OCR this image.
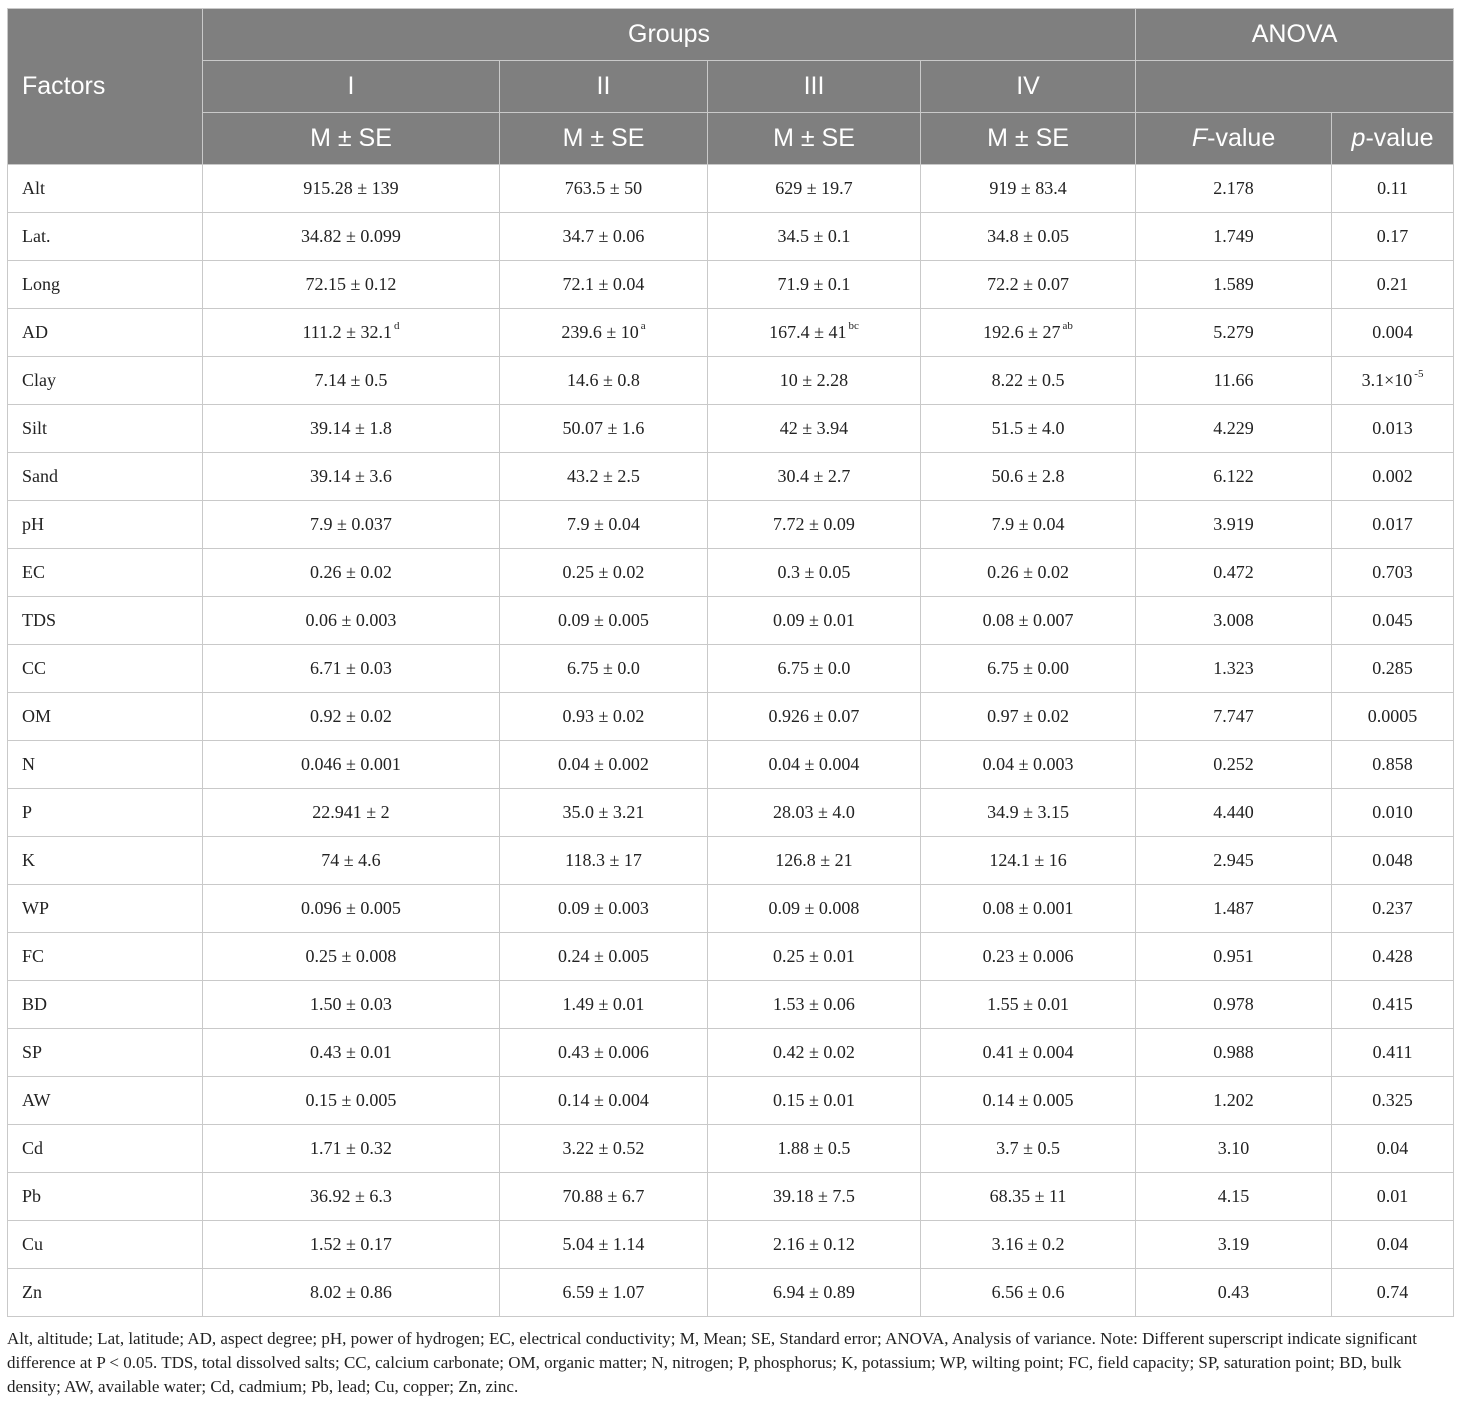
Factors	Groups				ANOVA	
	I	II	III	IV		
	M ± SE	M ± SE	M ± SE	M ± SE	F-value	p-value
Alt	915.28 ± 139	763.5 ± 50	629 ± 19.7	919 ± 83.4	2.178	0.11
Lat.	34.82 ± 0.099	34.7 ± 0.06	34.5 ± 0.1	34.8 ± 0.05	1.749	0.17
Long	72.15 ± 0.12	72.1 ± 0.04	71.9 ± 0.1	72.2 ± 0.07	1.589	0.21
AD	111.2 ± 32.1 $^d$	239.6 ± 10 $^a$	167.4 ± 41 $^{bc}$	192.6 ± 27 $^{ab}$	5.279	0.004
Clay	7.14 ± 0.5	14.6 ± 0.8	10 ± 2.28	8.22 ± 0.5	11.66	3.1×10 $^{-5}$
Silt	39.14 ± 1.8	50.07 ± 1.6	42 ± 3.94	51.5 ± 4.0	4.229	0.013
Sand	39.14 ± 3.6	43.2 ± 2.5	30.4 ± 2.7	50.6 ± 2.8	6.122	0.002
pH	7.9 ± 0.037	7.9 ± 0.04	7.72 ± 0.09	7.9 ± 0.04	3.919	0.017
EC	0.26 ± 0.02	0.25 ± 0.02	0.3 ± 0.05	0.26 ± 0.02	0.472	0.703
TDS	0.06 ± 0.003	0.09 ± 0.005	0.09 ± 0.01	0.08 ± 0.007	3.008	0.045
CC	6.71 ± 0.03	6.75 ± 0.0	6.75 ± 0.0	6.75 ± 0.00	1.323	0.285
OM	0.92 ± 0.02	0.93 ± 0.02	0.926 ± 0.07	0.97 ± 0.02	7.747	0.0005
N	0.046 ± 0.001	0.04 ± 0.002	0.04 ± 0.004	0.04 ± 0.003	0.252	0.858
P	22.941 ± 2	35.0 ± 3.21	28.03 ± 4.0	34.9 ± 3.15	4.440	0.010
K	74 ± 4.6	118.3 ± 17	126.8 ± 21	124.1 ± 16	2.945	0.048
WP	0.096 ± 0.005	0.09 ± 0.003	0.09 ± 0.008	0.08 ± 0.001	1.487	0.237
FC	0.25 ± 0.008	0.24 ± 0.005	0.25 ± 0.01	0.23 ± 0.006	0.951	0.428
BD	1.50 ± 0.03	1.49 ± 0.01	1.53 ± 0.06	1.55 ± 0.01	0.978	0.415
SP	0.43 ± 0.01	0.43 ± 0.006	0.42 ± 0.02	0.41 ± 0.004	0.988	0.411
AW	0.15 ± 0.005	0.14 ± 0.004	0.15 ± 0.01	0.14 ± 0.005	1.202	0.325
Cd	1.71 ± 0.32	3.22 ± 0.52	1.88 ± 0.5	3.7 ± 0.5	3.10	0.04
Pb	36.92 ± 6.3	70.88 ± 6.7	39.18 ± 7.5	68.35 ± 11	4.15	0.01
Cu	1.52 ± 0.17	5.04 ± 1.14	2.16 ± 0.12	3.16 ± 0.2	3.19	0.04
Zn	8.02 ± 0.86	6.59 ± 1.07	6.94 ± 0.89	6.56 ± 0.6	0.43	0.74
Alt, altitude; Lat, latitude; AD, aspect degree; pH, power of hydrogen; EC, electrical conductivity; M, Mean; SE, Standard error; ANOVA, Analysis of variance. Note: Different superscript indicate significant difference at P < 0.05. TDS, total dissolved salts; CC, calcium carbonate; OM, organic matter; N, nitrogen; P, phosphorus; K, potassium; WP, wilting point; FC, field capacity; SP, saturation point; BD, bulk density; AW, available water; Cd, cadmium; Pb, lead; Cu, copper; Zn, zinc.
